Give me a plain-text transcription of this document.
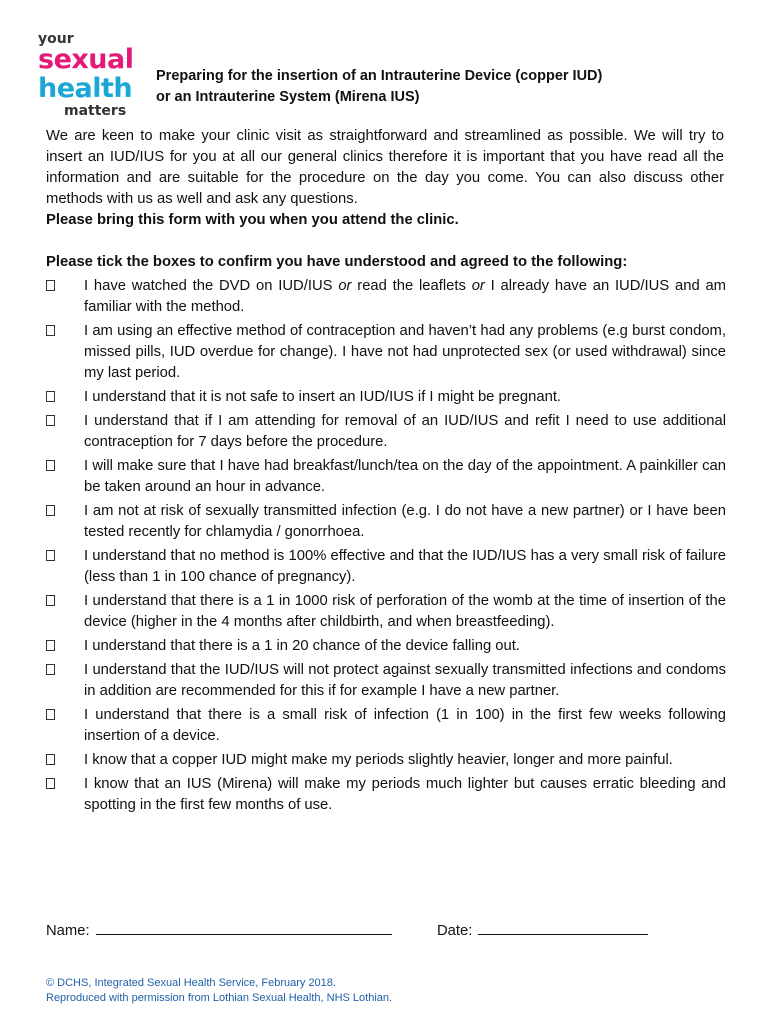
your
sexual
health
matters
Preparing for the insertion of an Intrauterine Device (copper IUD)
or an Intrauterine System (Mirena IUS)

We are keen to make your clinic visit as straightforward and streamlined as possible. We will try to insert an IUD/IUS for you at all our general clinics therefore it is important that you have read all the information and are suitable for the procedure on the day you come. You can also discuss other methods with us as well and ask any questions.

Please bring this form with you when you attend the clinic.

Please tick the boxes to confirm you have understood and agreed to the following:
I have watched the DVD on IUD/IUS or read the leaflets or I already have an IUD/IUS and am familiar with the method.
I am using an effective method of contraception and haven’t had any problems (e.g burst condom, missed pills, IUD overdue for change). I have not had unprotected sex (or used withdrawal) since my last period.
I understand that it is not safe to insert an IUD/IUS if I might be pregnant.
I understand that if I am attending for removal of an IUD/IUS and refit I need to use additional contraception for 7 days before the procedure.
I will make sure that I have had breakfast/lunch/tea on the day of the appointment. A painkiller can be taken around an hour in advance.
I am not at risk of sexually transmitted infection (e.g. I do not have a new partner) or I have been tested recently for chlamydia / gonorrhoea.
I understand that no method is 100% effective and that the IUD/IUS has a very small risk of failure (less than 1 in 100 chance of pregnancy).
I understand that there is a 1 in 1000 risk of perforation of the womb at the time of insertion of the device (higher in the 4 months after childbirth, and when breastfeeding).
I understand that there is a 1 in 20 chance of the device falling out.
I understand that the IUD/IUS will not protect against sexually transmitted infections and condoms in addition are recommended for this if for example I have a new partner.
I understand that there is a small risk of infection (1 in 100) in the first few weeks following insertion of a device.
I know that a copper IUD might make my periods slightly heavier, longer and more painful.
I know that an IUS (Mirena) will make my periods much lighter but causes erratic bleeding and spotting in the first few months of use.
Name:	Date:
© DCHS, Integrated Sexual Health Service, February 2018.
Reproduced with permission from Lothian Sexual Health, NHS Lothian.
